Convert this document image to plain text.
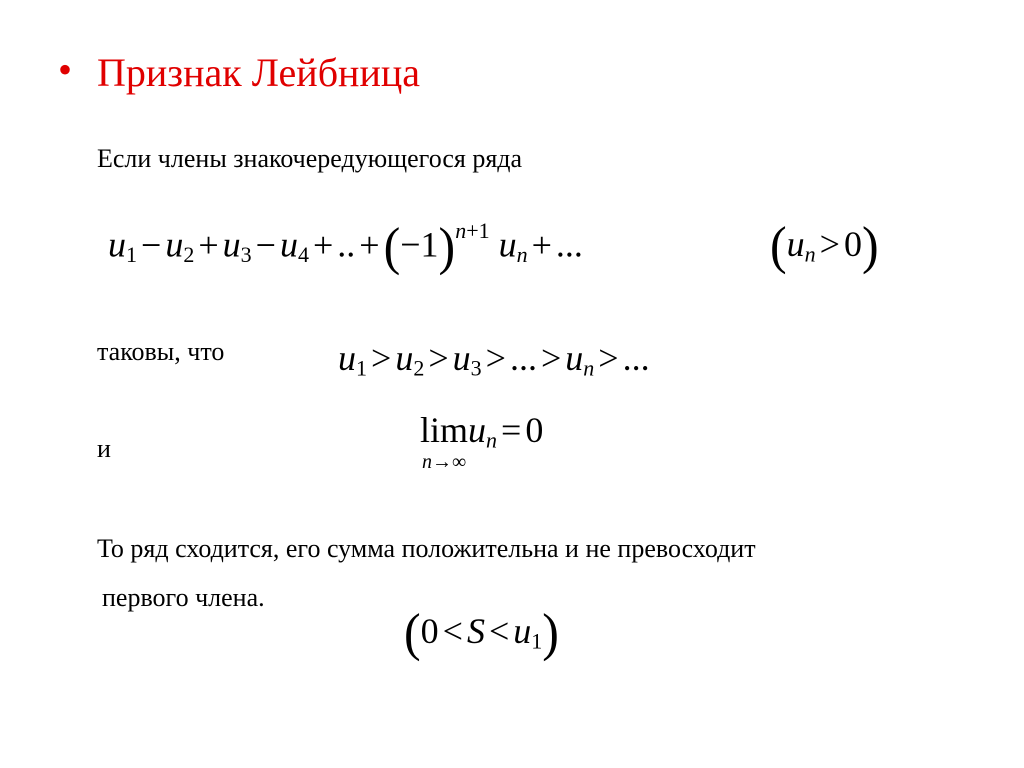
• Признак Лейбница
Если члены знакочередующегося ряда
$u_1 - u_2 + u_3 - u_4$ + .. $+(-1)^{n+1}$ $u_n$ + ...	$(u_n > 0)$
таковы, что	$u_1 > u_2 > u_3$ > ... > $u_n$ > ...
и	limu$_n$ = 0
n→∞
То ряд сходится, его сумма положительна и не превосходит
первого члена.
$(0 < S < u_1)$
